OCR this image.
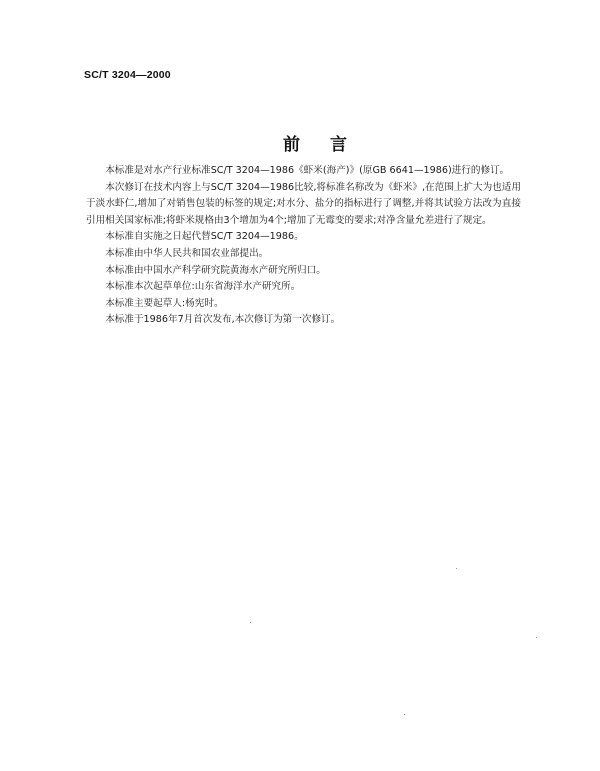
SC/T 3204—2000
前言

本标准是对水产行业标准SC/T 3204—1986《虾米(海产)》(原GB 6641—1986)进行的修订。

本次修订在技术内容上与SC/T 3204—1986比较,将标准名称改为《虾米》,在范围上扩大为也适用于淡水虾仁,增加了对销售包装的标签的规定;对水分、盐分的指标进行了调整,并将其试验方法改为直接引用相关国家标准;将虾米规格由3个增加为4个;增加了无霉变的要求;对净含量允差进行了规定。

本标准自实施之日起代替SC/T 3204—1986。

本标准由中华人民共和国农业部提出。

本标准由中国水产科学研究院黄海水产研究所归口。

本标准本次起草单位:山东省海洋水产研究所。

本标准主要起草人:杨宪时。

本标准于1986年7月首次发布,本次修订为第一次修订。
